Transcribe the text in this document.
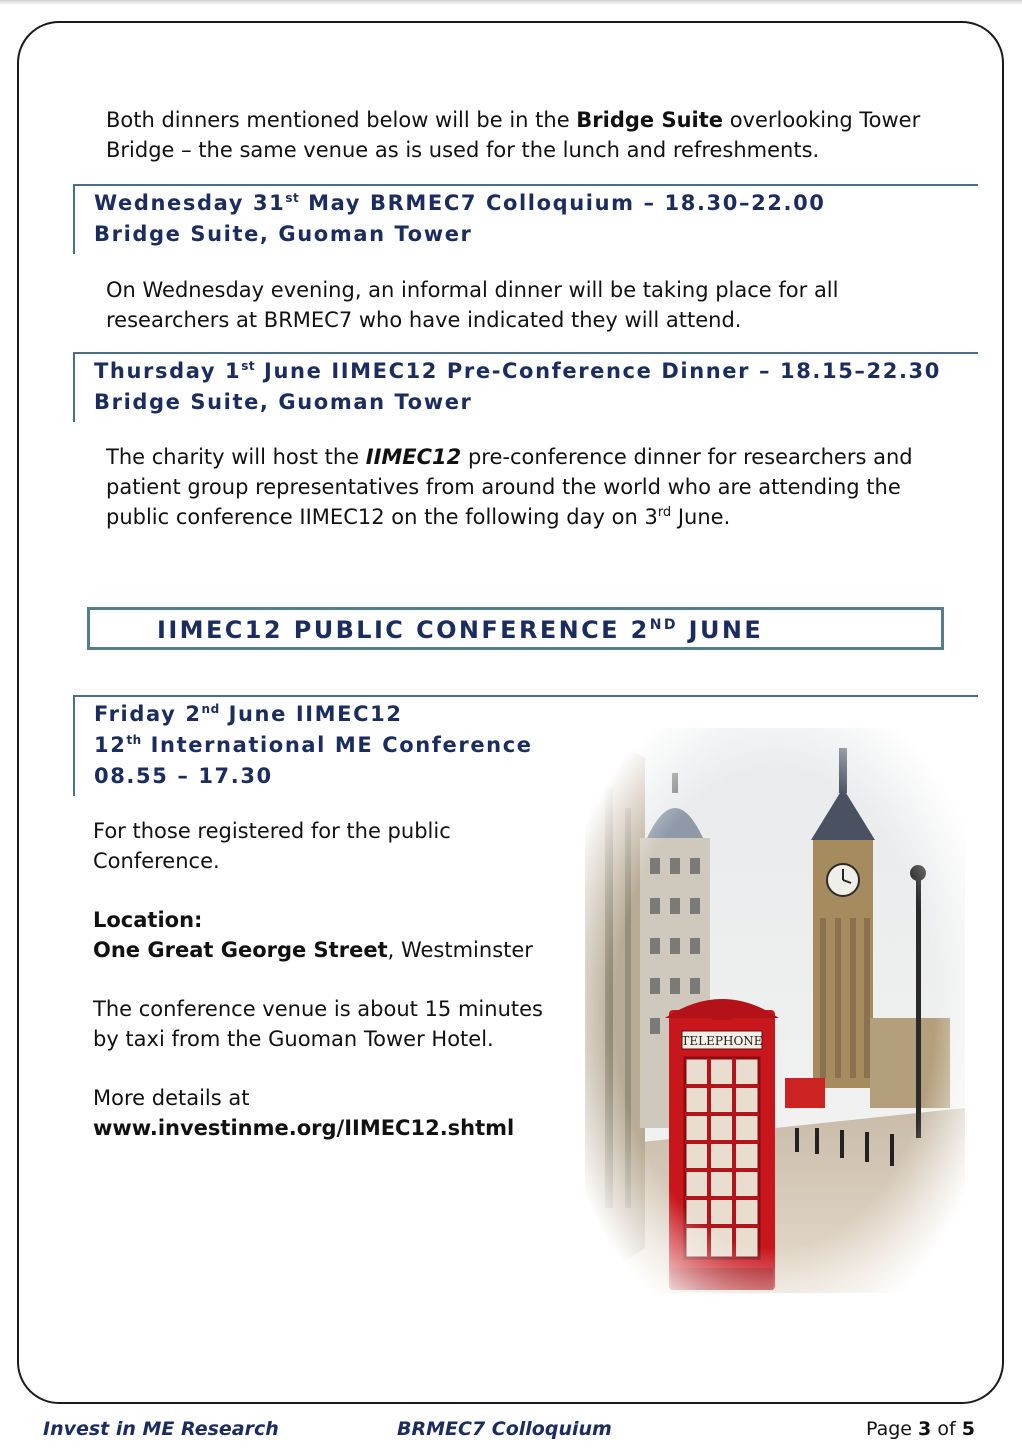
Both dinners mentioned below will be in the Bridge Suite overlooking Tower
Bridge – the same venue as is used for the lunch and refreshments.

Wednesday 31st May BRMEC7 Colloquium – 18.30–22.00
Bridge Suite, Guoman Tower

On Wednesday evening, an informal dinner will be taking place for all
researchers at BRMEC7 who have indicated they will attend.

Thursday 1st June IIMEC12 Pre-Conference Dinner – 18.15–22.30
Bridge Suite, Guoman Tower

The charity will host the IIMEC12 pre-conference dinner for researchers and
patient group representatives from around the world who are attending the
public conference IIMEC12 on the following day on 3rd June.

IIMEC12 PUBLIC CONFERENCE 2ND JUNE
Friday 2nd June IIMEC12
12th International ME Conference
08.55 – 17.30

For those registered for the public
Conference.

Location:
One Great George Street, Westminster

The conference venue is about 15 minutes
by taxi from the Guoman Tower Hotel.

More details at
www.investinme.org/IIMEC12.shtml

Invest in ME Research	BRMEC7 Colloquium	Page 3 of 5
